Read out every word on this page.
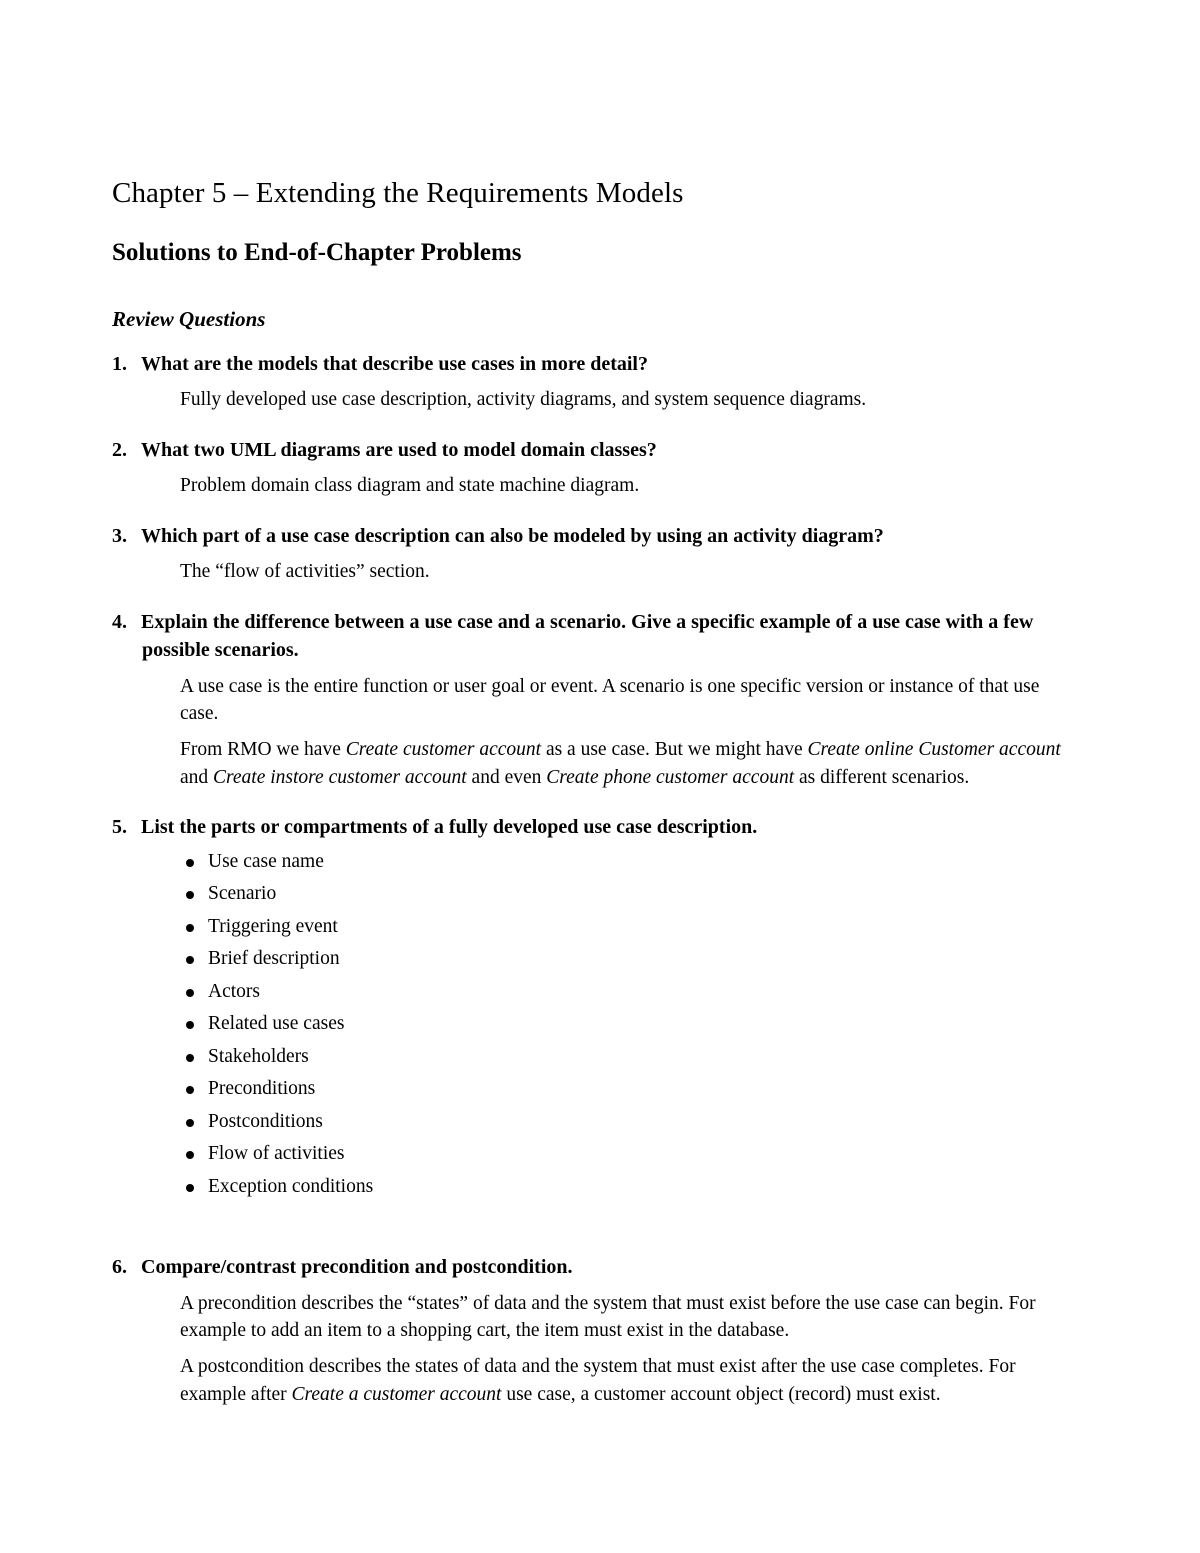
Chapter 5 – Extending the Requirements Models
Solutions to End-of-Chapter Problems
Review Questions
1. What are the models that describe use cases in more detail?

Fully developed use case description, activity diagrams, and system sequence diagrams.

2. What two UML diagrams are used to model domain classes?

Problem domain class diagram and state machine diagram.

3. Which part of a use case description can also be modeled by using an activity diagram?

The “flow of activities” section.

4. Explain the difference between a use case and a scenario. Give a specific example of a use case with a few possible scenarios.

A use case is the entire function or user goal or event. A scenario is one specific version or instance of that use case.

From RMO we have Create customer account as a use case. But we might have Create online Customer account and Create instore customer account and even Create phone customer account as different scenarios.

5. List the parts or compartments of a fully developed use case description.
Use case name
Scenario
Triggering event
Brief description
Actors
Related use cases
Stakeholders
Preconditions
Postconditions
Flow of activities
Exception conditions
6. Compare/contrast precondition and postcondition.

A precondition describes the “states” of data and the system that must exist before the use case can begin. For example to add an item to a shopping cart, the item must exist in the database.

A postcondition describes the states of data and the system that must exist after the use case completes. For example after Create a customer account use case, a customer account object (record) must exist.
